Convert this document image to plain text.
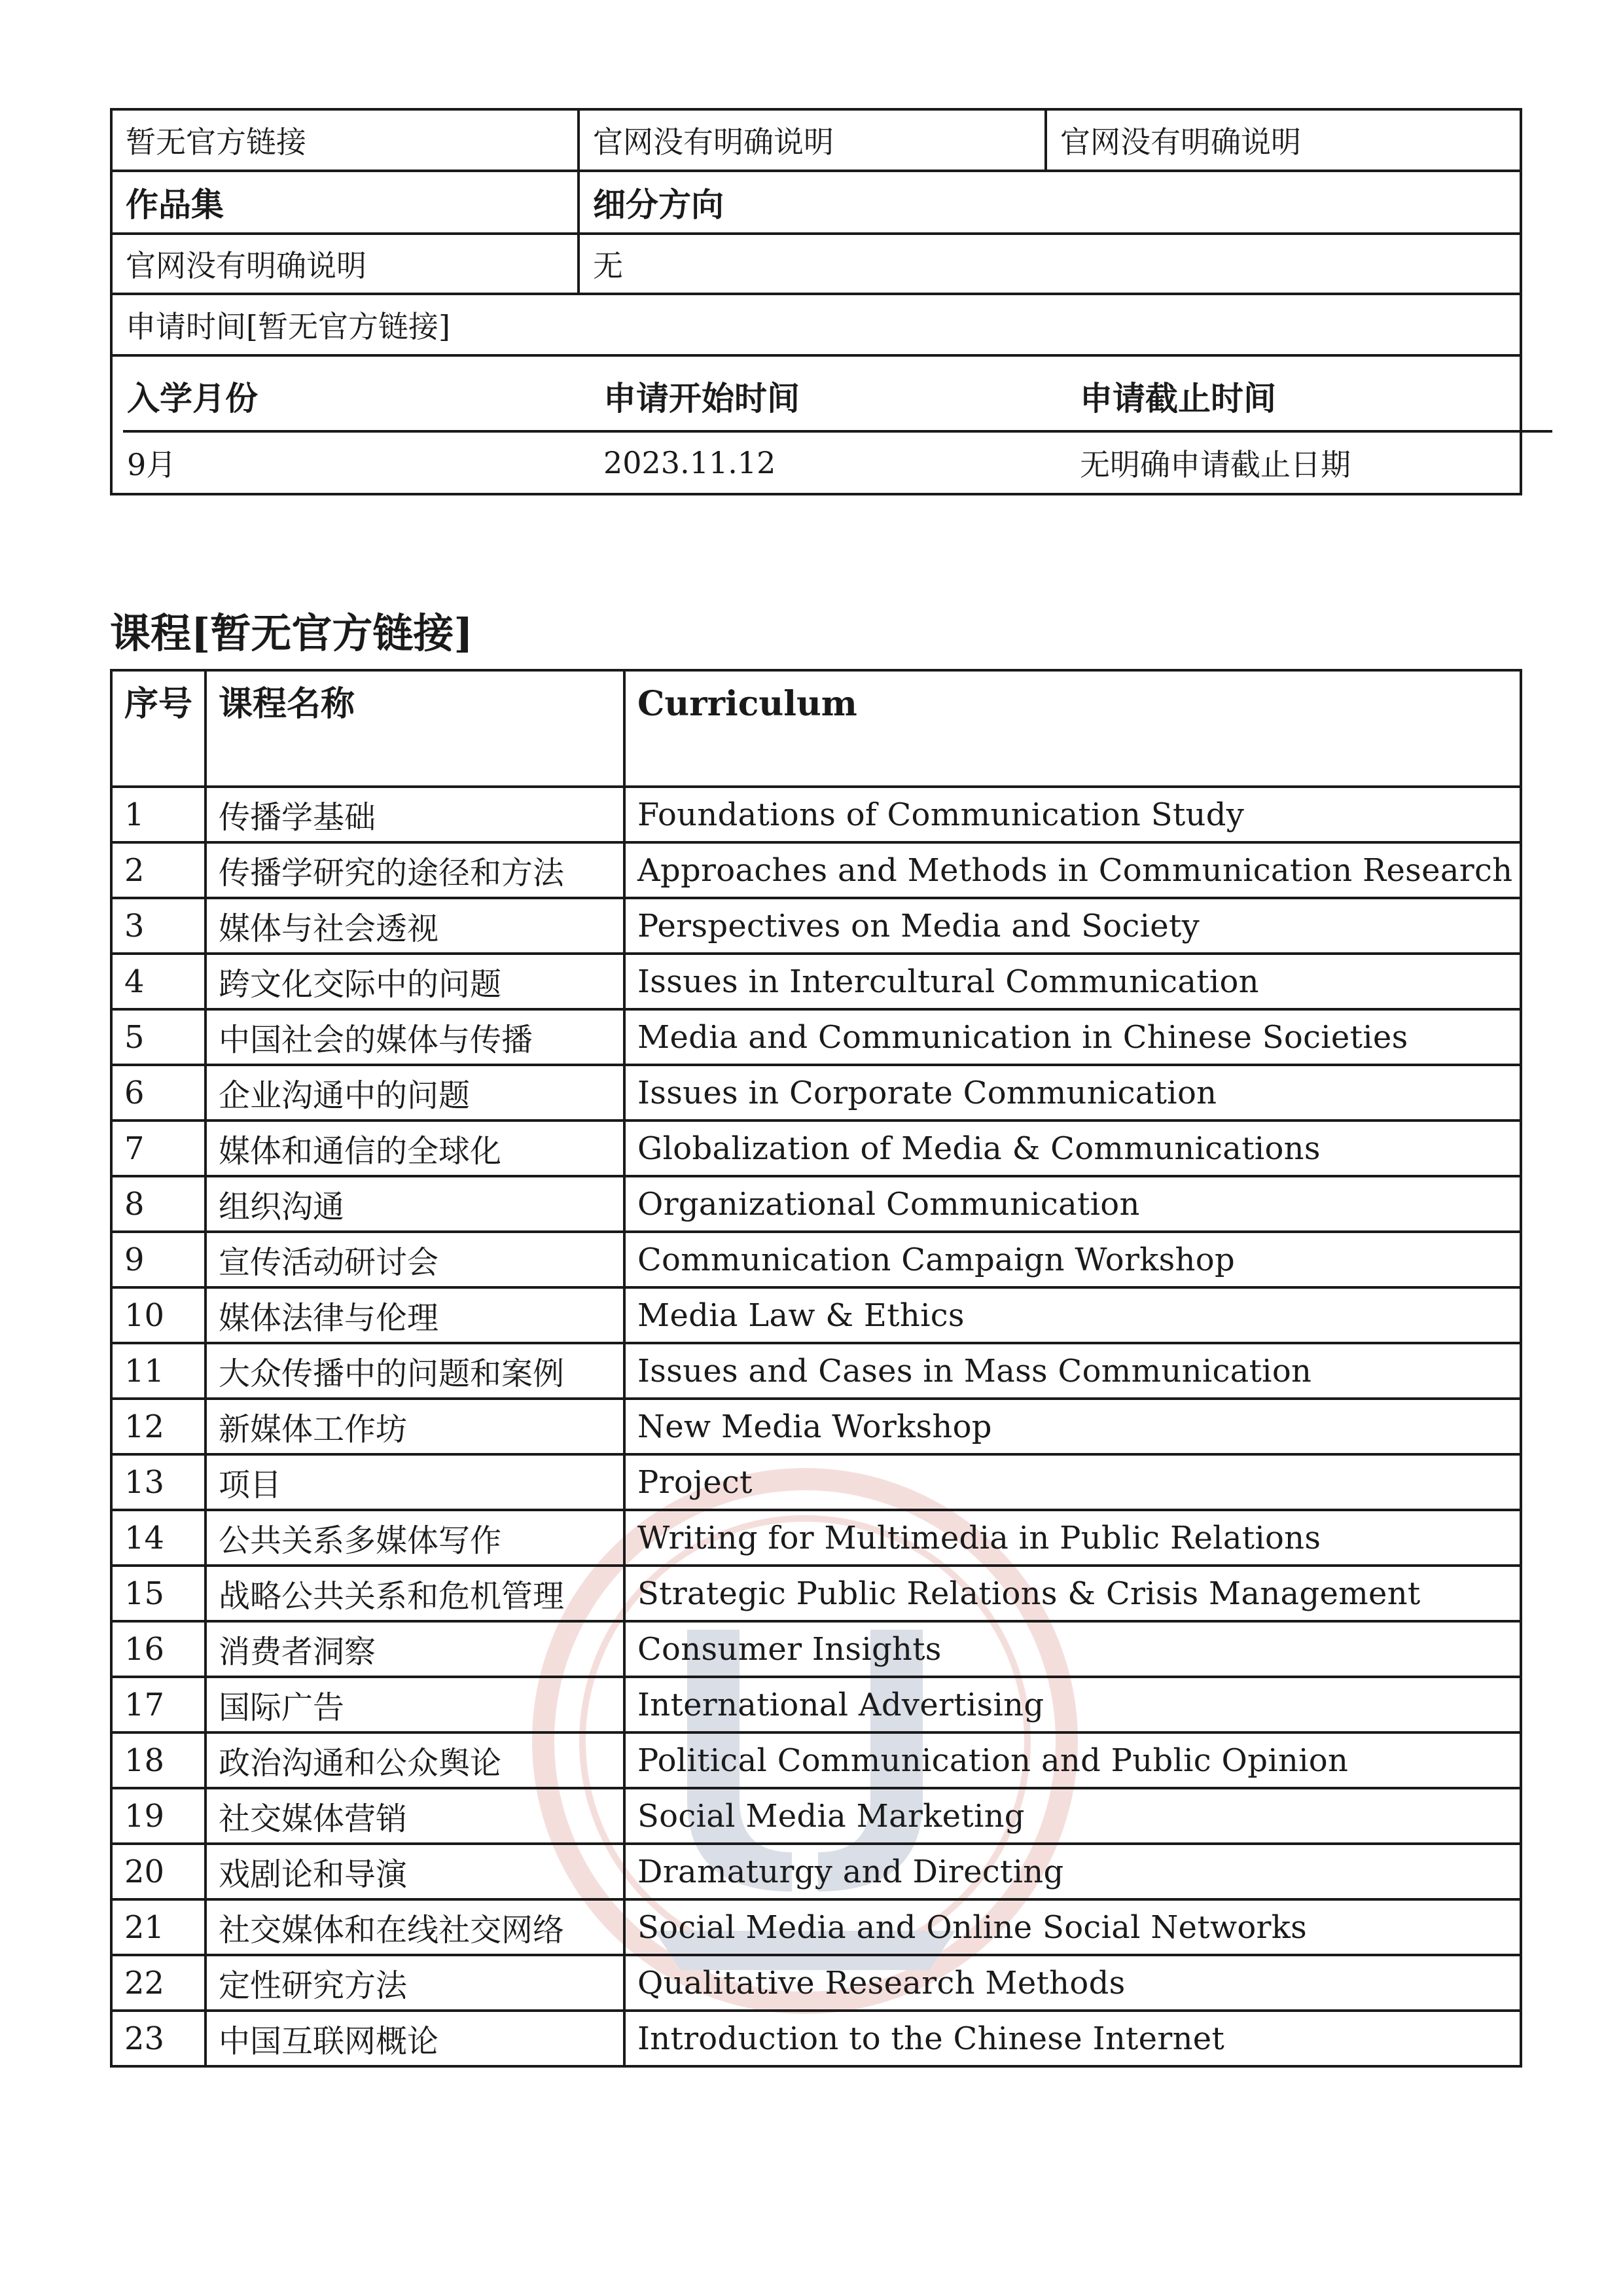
暂无官方链接	官网没有明确说明	官网没有明确说明
作品集	细分方向
官网没有明确说明	无
申请时间[暂无官方链接]
入学月份	申请开始时间	申请截止时间
9月	2023.11.12	无明确申请截止日期
课程[暂无官方链接]
序号	课程名称	Curriculum
1	传播学基础	Foundations of Communication Study
2	传播学研究的途径和方法	Approaches and Methods in Communication Research
3	媒体与社会透视	Perspectives on Media and Society
4	跨文化交际中的问题	Issues in Intercultural Communication
5	中国社会的媒体与传播	Media and Communication in Chinese Societies
6	企业沟通中的问题	Issues in Corporate Communication
7	媒体和通信的全球化	Globalization of Media & Communications
8	组织沟通	Organizational Communication
9	宣传活动研讨会	Communication Campaign Workshop
10	媒体法律与伦理	Media Law & Ethics
11	大众传播中的问题和案例	Issues and Cases in Mass Communication
12	新媒体工作坊	New Media Workshop
13	项目	Project
14	公共关系多媒体写作	Writing for Multimedia in Public Relations
15	战略公共关系和危机管理	Strategic Public Relations & Crisis Management
16	消费者洞察	Consumer Insights
17	国际广告	International Advertising
18	政治沟通和公众舆论	Political Communication and Public Opinion
19	社交媒体营销	Social Media Marketing
20	戏剧论和导演	Dramaturgy and Directing
21	社交媒体和在线社交网络	Social Media and Online Social Networks
22	定性研究方法	Qualitative Research Methods
23	中国互联网概论	Introduction to the Chinese Internet
